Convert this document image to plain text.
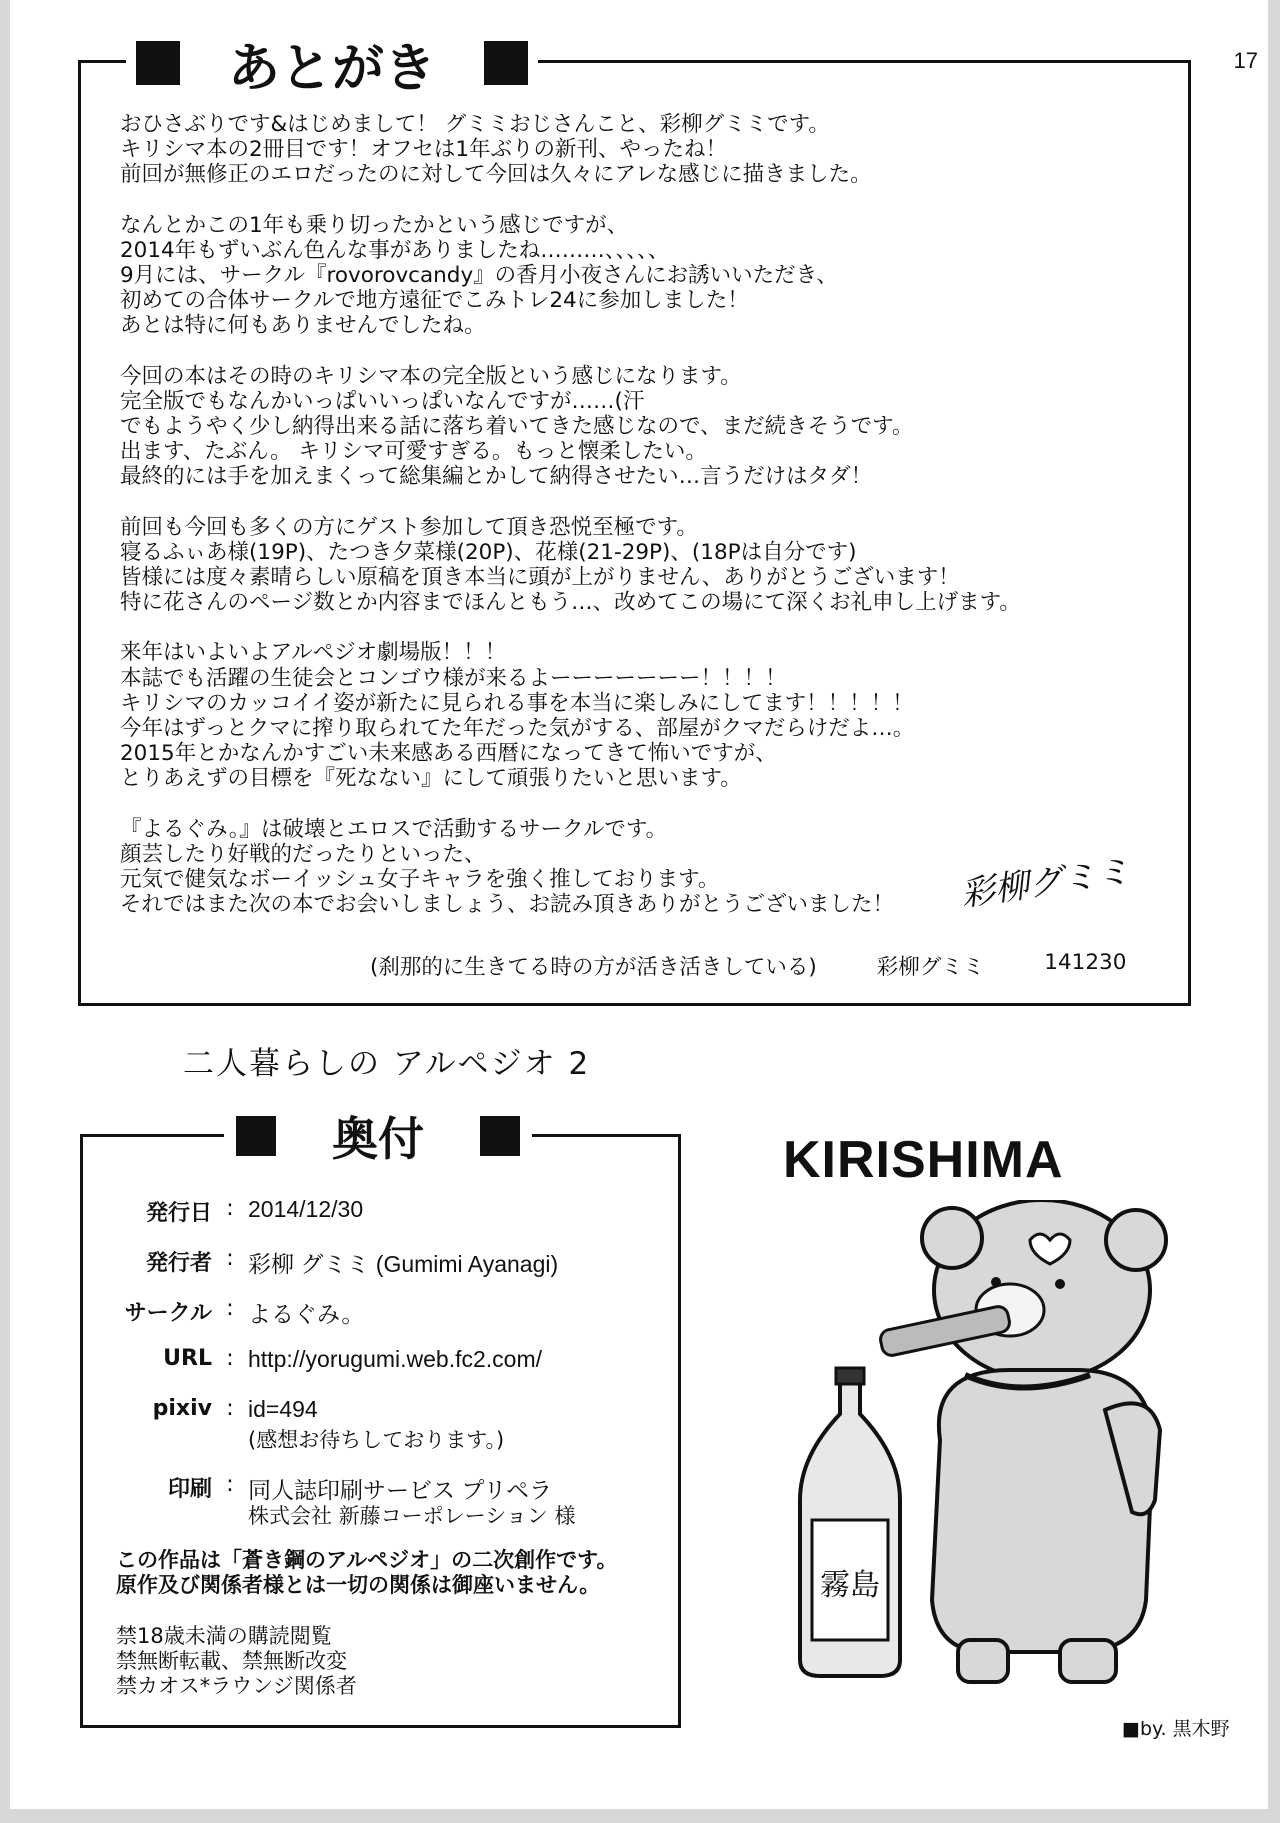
17
あとがき

おひさぶりです&はじめまして！ グミミおじさんこと、彩柳グミミです。
キリシマ本の2冊目です！オフセは1年ぶりの新刊、やったね！
前回が無修正のエロだったのに対して今回は久々にアレな感じに描きました。

なんとかこの1年も乗り切ったかという感じですが、
2014年もずいぶん色んな事がありましたね………、、、、、
9月には、サークル『rovorovcandy』の香月小夜さんにお誘いいただき、
初めての合体サークルで地方遠征でこみトレ24に参加しました！
あとは特に何もありませんでしたね。

今回の本はその時のキリシマ本の完全版という感じになります。
完全版でもなんかいっぱいいっぱいなんですが……(汗
でもようやく少し納得出来る話に落ち着いてきた感じなので、まだ続きそうです。
出ます、たぶん。 キリシマ可愛すぎる。もっと懐柔したい。
最終的には手を加えまくって総集編とかして納得させたい…言うだけはタダ！

前回も今回も多くの方にゲスト参加して頂き恐悦至極です。
寝るふぃあ様(19P)、たつき夕菜様(20P)、花様(21-29P)、(18Pは自分です)
皆様には度々素晴らしい原稿を頂き本当に頭が上がりません、ありがとうございます！
特に花さんのページ数とか内容までほんともう…、改めてこの場にて深くお礼申し上げます。

来年はいよいよアルペジオ劇場版！！！
本誌でも活躍の生徒会とコンゴウ様が来るよーーーーーーー！！！！
キリシマのカッコイイ姿が新たに見られる事を本当に楽しみにしてます！！！！！
今年はずっとクマに搾り取られてた年だった気がする、部屋がクマだらけだよ…。
2015年とかなんかすごい未来感ある西暦になってきて怖いですが、
とりあえずの目標を『死なない』にして頑張りたいと思います。

『よるぐみ。』は破壊とエロスで活動するサークルです。
顔芸したり好戦的だったりといった、
元気で健気なボーイッシュ女子キャラを強く推しております。
それではまた次の本でお会いしましょう、お読み頂きありがとうございました！	彩柳グミミ
(刹那的に生きてる時の方が活き活きしている)	彩柳グミミ	141230
二人暮らしの アルペジオ 2
奥付
発行日 : 2014/12/30
発行者 : 彩柳 グミミ (Gumimi Ayanagi)
サークル : よるぐみ。
URL : http://yorugumi.web.fc2.com/
pixiv : id=494
(感想お待ちしております。)
印刷 : 同人誌印刷サービス プリペラ
株式会社 新藤コーポレーション 様
この作品は「蒼き鋼のアルペジオ」の二次創作です。
原作及び関係者様とは一切の関係は御座いません。
禁18歳未満の購読閲覧
禁無断転載、禁無断改変
禁カオス*ラウンジ関係者
KIRISHIMA
霧島
■by. 黒木野
